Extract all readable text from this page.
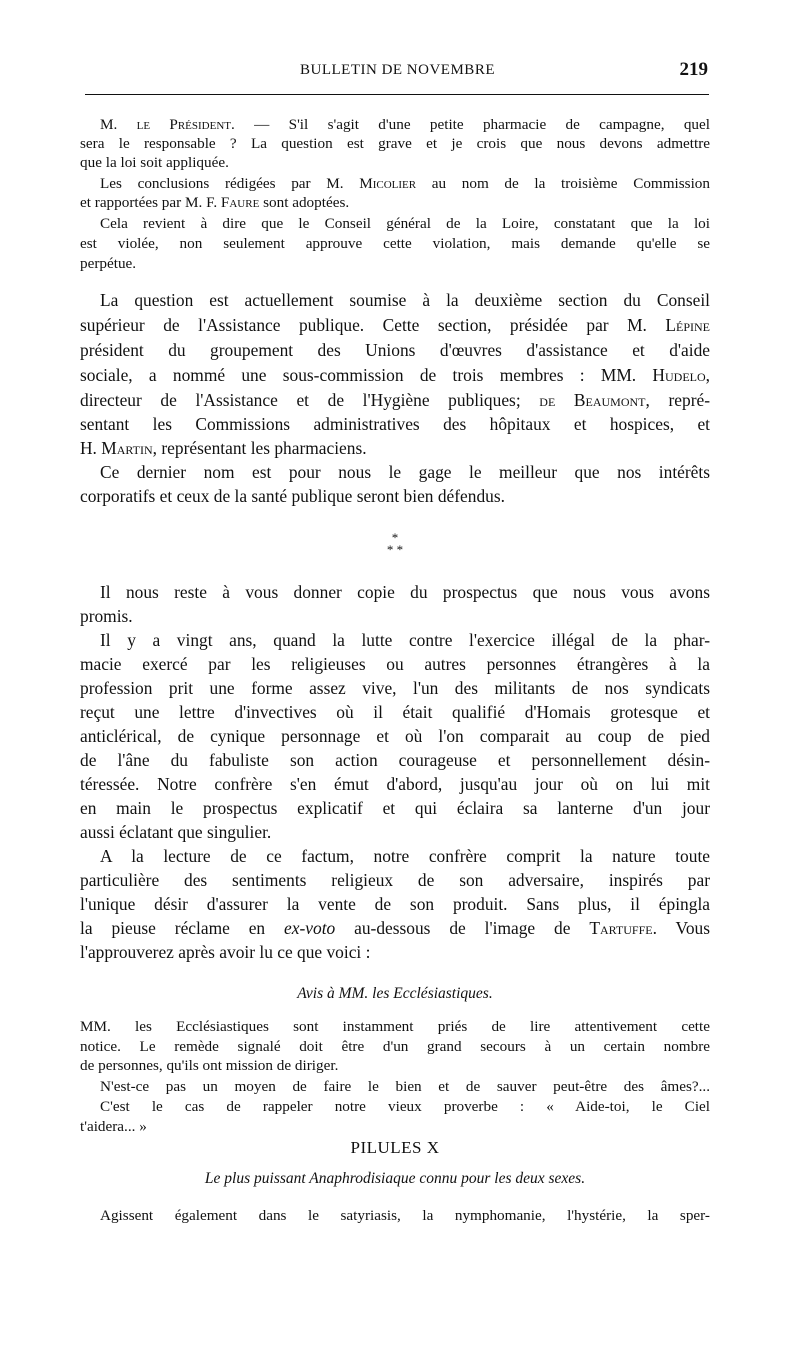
BULLETIN DE NOVEMBRE	219

M. le Président. — S'il s'agit d'une petite pharmacie de campagne, quel

sera le responsable ? La question est grave et je crois que nous devons admettre

que la loi soit appliquée.

Les conclusions rédigées par M. Micolier au nom de la troisième Commission

et rapportées par M. F. Faure sont adoptées.

Cela revient à dire que le Conseil général de la Loire, constatant que la loi

est violée, non seulement approuve cette violation, mais demande qu'elle se

perpétue.

La question est actuellement soumise à la deuxième section du Conseil

supérieur de l'Assistance publique. Cette section, présidée par M. Lépine

président du groupement des Unions d'œuvres d'assistance et d'aide

sociale, a nommé une sous-commission de trois membres : MM. Hudelo,

directeur de l'Assistance et de l'Hygiène publiques; de Beaumont, repré-

sentant les Commissions administratives des hôpitaux et hospices, et

H. Martin, représentant les pharmaciens.

Ce dernier nom est pour nous le gage le meilleur que nos intérêts

corporatifs et ceux de la santé publique seront bien défendus.

*
* *

Il nous reste à vous donner copie du prospectus que nous vous avons

promis.

Il y a vingt ans, quand la lutte contre l'exercice illégal de la phar-

macie exercé par les religieuses ou autres personnes étrangères à la

profession prit une forme assez vive, l'un des militants de nos syndicats

reçut une lettre d'invectives où il était qualifié d'Homais grotesque et

anticlérical, de cynique personnage et où l'on comparait au coup de pied

de l'âne du fabuliste son action courageuse et personnellement désin-

téressée. Notre confrère s'en émut d'abord, jusqu'au jour où on lui mit

en main le prospectus explicatif et qui éclaira sa lanterne d'un jour

aussi éclatant que singulier.

A la lecture de ce factum, notre confrère comprit la nature toute

particulière des sentiments religieux de son adversaire, inspirés par

l'unique désir d'assurer la vente de son produit. Sans plus, il épingla

la pieuse réclame en ex-voto au-dessous de l'image de Tartuffe. Vous

l'approuverez après avoir lu ce que voici :

Avis à MM. les Ecclésiastiques.

MM. les Ecclésiastiques sont instamment priés de lire attentivement cette

notice. Le remède signalé doit être d'un grand secours à un certain nombre

de personnes, qu'ils ont mission de diriger.

N'est-ce pas un moyen de faire le bien et de sauver peut-être des âmes?...

C'est le cas de rappeler notre vieux proverbe : « Aide-toi, le Ciel

t'aidera... »

PILULES X
Le plus puissant Anaphrodisiaque connu pour les deux sexes.

Agissent également dans le satyriasis, la nymphomanie, l'hystérie, la sper-
